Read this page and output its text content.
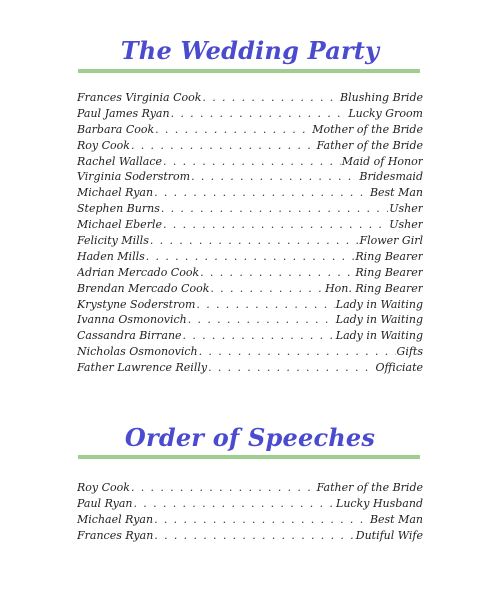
The Wedding Party
Frances Virginia Cook . . .	Blushing Bride
Paul James Ryan . . .	Lucky Groom
Barbara Cook . . .	Mother of the Bride
Roy Cook . . .	Father of the Bride
Rachel Wallace . . .	Maid of Honor
Virginia Soderstrom . . .	Bridesmaid
Michael Ryan . . .	Best Man
Stephen Burns . . .	Usher
Michael Eberle . . .	Usher
Felicity Mills . . .	Flower Girl
Haden Mills . . .	Ring Bearer
Adrian Mercado Cook . . .	Ring Bearer
Brendan Mercado Cook . . .	Hon. Ring Bearer
Krystyne Soderstrom . . .	Lady in Waiting
Ivanna Osmonovich . . .	Lady in Waiting
Cassandra Birrane . . .	Lady in Waiting
Nicholas Osmonovich . . .	Gifts
Father Lawrence Reilly . . .	Officiate
Order of Speeches
Roy Cook . . .	Father of the Bride
Paul Ryan . . .	Lucky Husband
Michael Ryan . . .	Best Man
Frances Ryan . . .	Dutiful Wife
